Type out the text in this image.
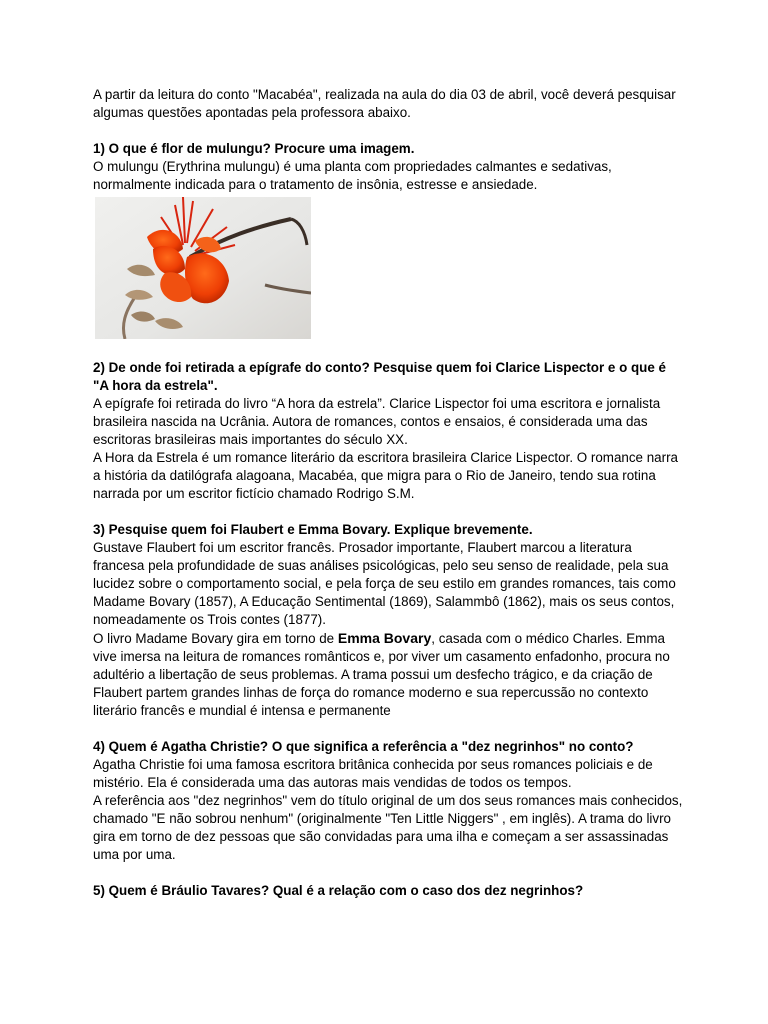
A partir da leitura do conto "Macabéa", realizada na aula do dia 03 de abril, você deverá pesquisar algumas questões apontadas pela professora abaixo.

1) O que é flor de mulungu? Procure uma imagem.

O mulungu (Erythrina mulungu) é uma planta com propriedades calmantes e sedativas, normalmente indicada para o tratamento de insônia, estresse e ansiedade.

2) De onde foi retirada a epígrafe do conto? Pesquise quem foi Clarice Lispector e o que é "A hora da estrela".

A epígrafe foi retirada do livro “A hora da estrela”. Clarice Lispector foi uma escritora e jornalista brasileira nascida na Ucrânia. Autora de romances, contos e ensaios, é considerada uma das escritoras brasileiras mais importantes do século XX.

A Hora da Estrela é um romance literário da escritora brasileira Clarice Lispector. O romance narra a história da datilógrafa alagoana, Macabéa, que migra para o Rio de Janeiro, tendo sua rotina narrada por um escritor fictício chamado Rodrigo S.M.

3) Pesquise quem foi Flaubert e Emma Bovary. Explique brevemente.

Gustave Flaubert foi um escritor francês. Prosador importante, Flaubert marcou a literatura francesa pela profundidade de suas análises psicológicas, pelo seu senso de realidade, pela sua lucidez sobre o comportamento social, e pela força de seu estilo em grandes romances, tais como Madame Bovary (1857), A Educação Sentimental (1869), Salammbô (1862), mais os seus contos, nomeadamente os Trois contes (1877).

O livro Madame Bovary gira em torno de Emma Bovary, casada com o médico Charles. Emma vive imersa na leitura de romances românticos e, por viver um casamento enfadonho, procura no adultério a libertação de seus problemas. A trama possui um desfecho trágico, e da criação de Flaubert partem grandes linhas de força do romance moderno e sua repercussão no contexto literário francês e mundial é intensa e permanente

4) Quem é Agatha Christie? O que significa a referência a "dez negrinhos" no conto?

Agatha Christie foi uma famosa escritora britânica conhecida por seus romances policiais e de mistério. Ela é considerada uma das autoras mais vendidas de todos os tempos.

A referência aos "dez negrinhos" vem do título original de um dos seus romances mais conhecidos, chamado "E não sobrou nenhum" (originalmente "Ten Little Niggers" , em inglês). A trama do livro gira em torno de dez pessoas que são convidadas para uma ilha e começam a ser assassinadas uma por uma.

5) Quem é Bráulio Tavares? Qual é a relação com o caso dos dez negrinhos?
